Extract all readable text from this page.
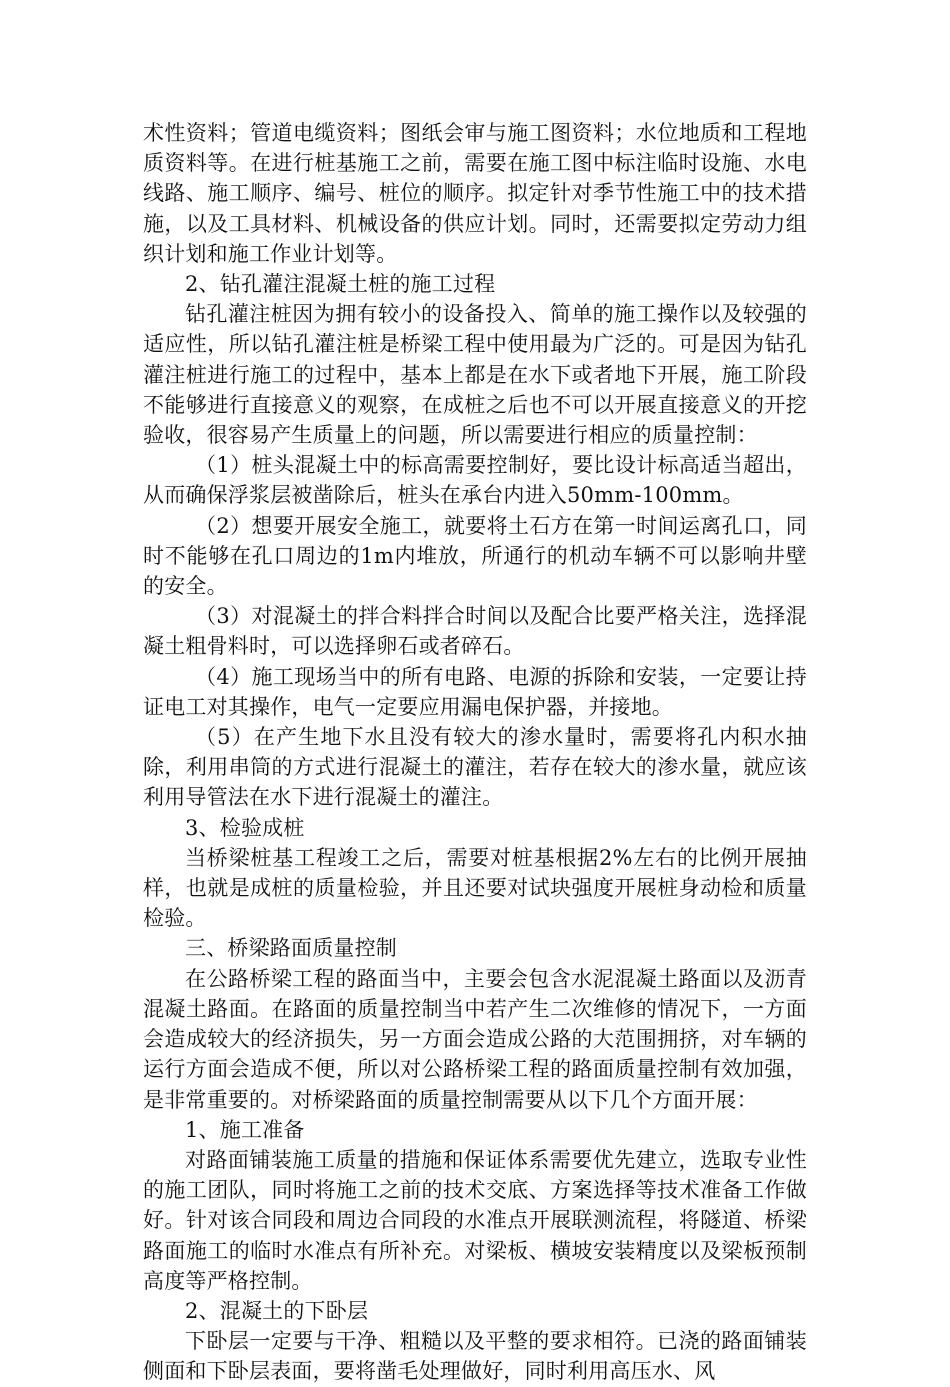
术性资料；管道电缆资料；图纸会审与施工图资料；水位地质和工程地质资料等。在进行桩基施工之前，需要在施工图中标注临时设施、水电线路、施工顺序、编号、桩位的顺序。拟定针对季节性施工中的技术措施，以及工具材料、机械设备的供应计划。同时，还需要拟定劳动力组织计划和施工作业计划等。

2、钻孔灌注混凝土桩的施工过程

钻孔灌注桩因为拥有较小的设备投入、简单的施工操作以及较强的适应性，所以钻孔灌注桩是桥梁工程中使用最为广泛的。可是因为钻孔灌注桩进行施工的过程中，基本上都是在水下或者地下开展，施工阶段不能够进行直接意义的观察，在成桩之后也不可以开展直接意义的开挖验收，很容易产生质量上的问题，所以需要进行相应的质量控制：

（1）桩头混凝土中的标高需要控制好，要比设计标高适当超出，从而确保浮浆层被凿除后，桩头在承台内进入50mm-100mm。

（2）想要开展安全施工，就要将土石方在第一时间运离孔口，同时不能够在孔口周边的1m内堆放，所通行的机动车辆不可以影响井壁的安全。

（3）对混凝土的拌合料拌合时间以及配合比要严格关注，选择混凝土粗骨料时，可以选择卵石或者碎石。

（4）施工现场当中的所有电路、电源的拆除和安装，一定要让持证电工对其操作，电气一定要应用漏电保护器，并接地。

（5）在产生地下水且没有较大的渗水量时，需要将孔内积水抽除，利用串筒的方式进行混凝土的灌注，若存在较大的渗水量，就应该利用导管法在水下进行混凝土的灌注。

3、检验成桩

当桥梁桩基工程竣工之后，需要对桩基根据2%左右的比例开展抽样，也就是成桩的质量检验，并且还要对试块强度开展桩身动检和质量检验。

三、桥梁路面质量控制

在公路桥梁工程的路面当中，主要会包含水泥混凝土路面以及沥青混凝土路面。在路面的质量控制当中若产生二次维修的情况下，一方面会造成较大的经济损失，另一方面会造成公路的大范围拥挤，对车辆的运行方面会造成不便，所以对公路桥梁工程的路面质量控制有效加强，是非常重要的。对桥梁路面的质量控制需要从以下几个方面开展：

1、施工准备

对路面铺装施工质量的措施和保证体系需要优先建立，选取专业性的施工团队，同时将施工之前的技术交底、方案选择等技术准备工作做好。针对该合同段和周边合同段的水准点开展联测流程，将隧道、桥梁路面施工的临时水准点有所补充。对梁板、横坡安装精度以及梁板预制高度等严格控制。

2、混凝土的下卧层

下卧层一定要与干净、粗糙以及平整的要求相符。已浇的路面铺装侧面和下卧层表面，要将凿毛处理做好，同时利用高压水、风
